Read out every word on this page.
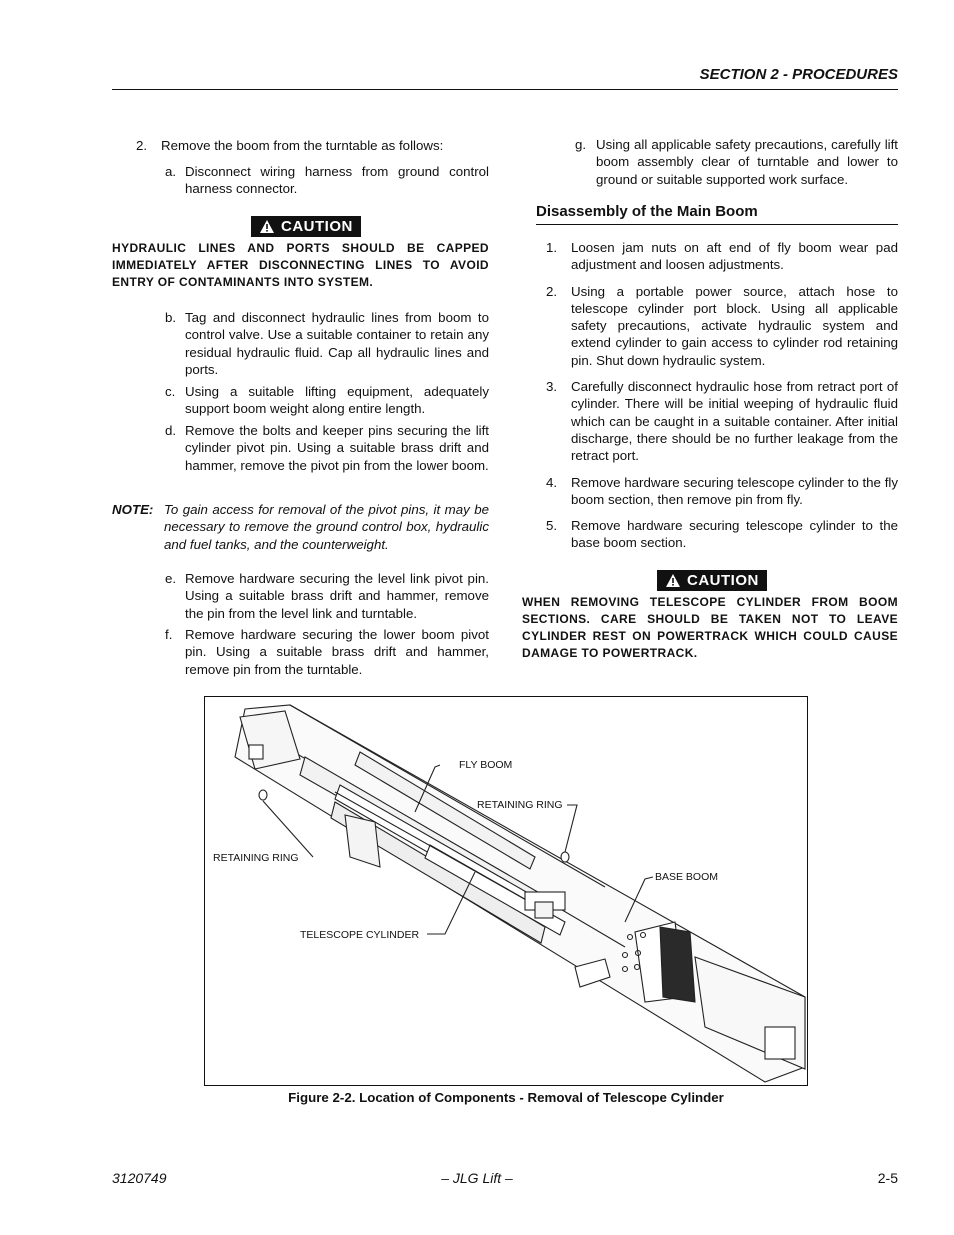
SECTION 2 - PROCEDURES
2.	Remove the boom from the turntable as follows:
a. Disconnect wiring harness from ground control harness connector.
CAUTION
HYDRAULIC LINES AND PORTS SHOULD BE CAPPED IMMEDIATELY AFTER DISCONNECTING LINES TO AVOID ENTRY OF CONTAMINANTS INTO SYSTEM.
b. Tag and disconnect hydraulic lines from boom to control valve. Use a suitable container to retain any residual hydraulic fluid. Cap all hydraulic lines and ports.
c. Using a suitable lifting equipment, adequately support boom weight along entire length.
d. Remove the bolts and keeper pins securing the lift cylinder pivot pin. Using a suitable brass drift and hammer, remove the pivot pin from the lower boom.
NOTE: To gain access for removal of the pivot pins, it may be necessary to remove the ground control box, hydraulic and fuel tanks, and the counterweight.
e. Remove hardware securing the level link pivot pin. Using a suitable brass drift and hammer, remove the pin from the level link and turntable.
f. Remove hardware securing the lower boom pivot pin. Using a suitable brass drift and hammer, remove pin from the turntable.
g. Using all applicable safety precautions, carefully lift boom assembly clear of turntable and lower to ground or suitable supported work surface.
Disassembly of the Main Boom
1.	Loosen jam nuts on aft end of fly boom wear pad adjustment and loosen adjustments.
2.	Using a portable power source, attach hose to telescope cylinder port block. Using all applicable safety precautions, activate hydraulic system and extend cylinder to gain access to cylinder rod retaining pin. Shut down hydraulic system.
3.	Carefully disconnect hydraulic hose from retract port of cylinder. There will be initial weeping of hydraulic fluid which can be caught in a suitable container. After initial discharge, there should be no further leakage from the retract port.
4.	Remove hardware securing telescope cylinder to the fly boom section, then remove pin from fly.
5.	Remove hardware securing telescope cylinder to the base boom section.
CAUTION
WHEN REMOVING TELESCOPE CYLINDER FROM BOOM SECTIONS. CARE SHOULD BE TAKEN NOT TO LEAVE CYLINDER REST ON POWERTRACK WHICH COULD CAUSE DAMAGE TO POWERTRACK.
FLY BOOM
RETAINING RING
RETAINING RING
BASE BOOM
TELESCOPE CYLINDER
Figure 2-2. Location of Components - Removal of Telescope Cylinder
3120749	– JLG Lift –	2-5
